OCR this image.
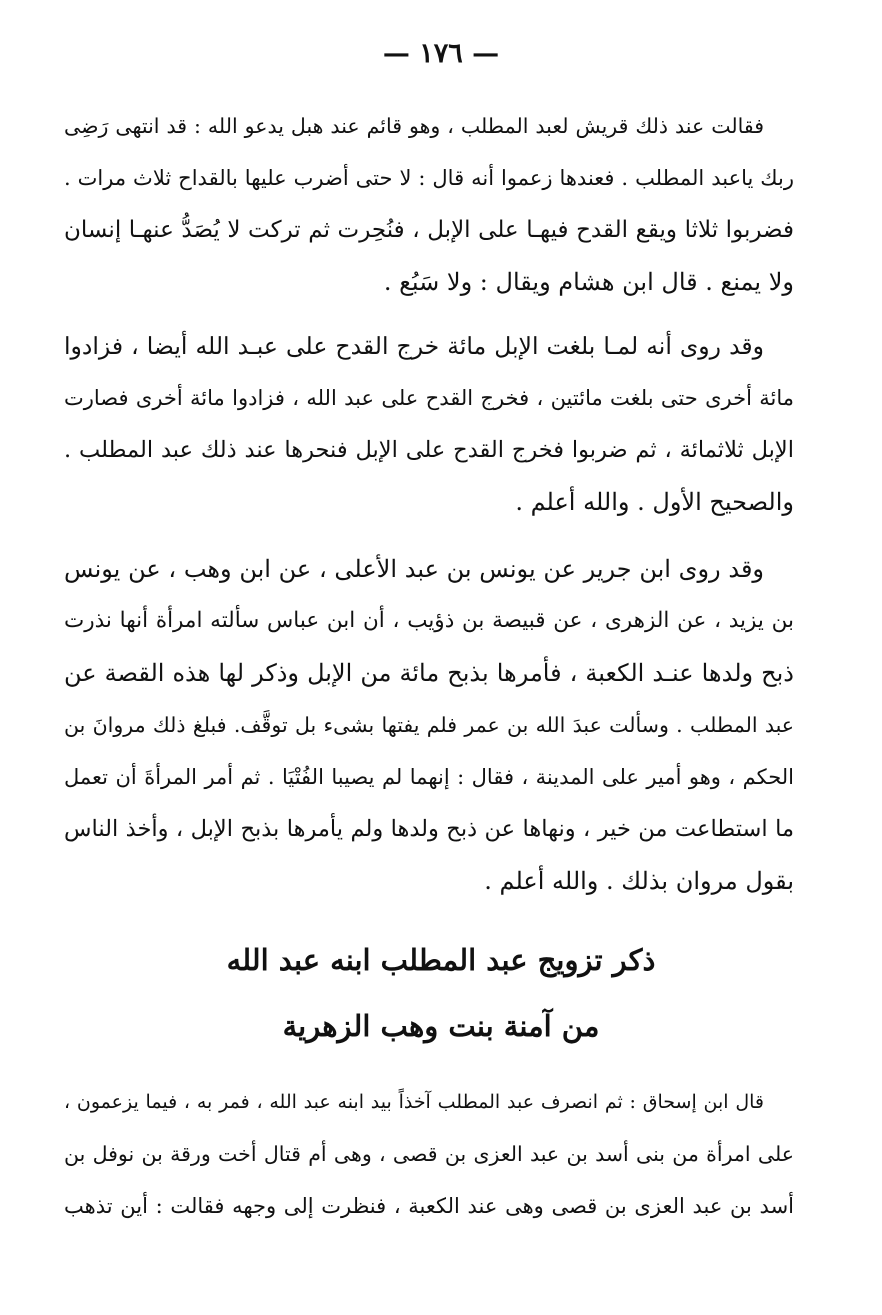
— ١٧٦ —
فقالت عند ذلك قريش لعبد المطلب ، وهو قائم عند هبل يدعو الله : قد انتهى رَضِى
ربك ياعبد المطلب . فعندها زعموا أنه قال : لا حتى أضرب عليها بالقداح ثلاث مرات .
فضربوا ثلاثا ويقع القدح فيهـا على الإبل ، فنُحِرت ثم تركت لا يُصَدُّ عنهـا إنسان
ولا يمنع . قال ابن هشام ويقال : ولا سَبُع .
وقد روى أنه لمـا بلغت الإبل مائة خرج القدح على عبـد الله أيضا ، فزادوا
مائة أخرى حتى بلغت مائتين ، فخرج القدح على عبد الله ، فزادوا مائة أخرى فصارت
الإبل ثلاثمائة ، ثم ضربوا فخرج القدح على الإبل فنحرها عند ذلك عبد المطلب .
والصحيح الأول . والله أعلم .
وقد روى ابن جرير عن يونس بن عبد الأعلى ، عن ابن وهب ، عن يونس
بن يزيد ، عن الزهرى ، عن قبيصة بن ذؤيب ، أن ابن عباس سألته امرأة أنها نذرت
ذبح ولدها عنـد الكعبة ، فأمرها بذبح مائة من الإبل وذكر لها هذه القصة عن
عبد المطلب . وسألت عبدَ الله بن عمر فلم يفتها بشىء بل توقَّف. فبلغ ذلك مروانَ بن
الحكم ، وهو أمير على المدينة ، فقال : إنهما لم يصيبا الفُتْيَا . ثم أمر المرأةَ أن تعمل
ما استطاعت من خير ، ونهاها عن ذبح ولدها ولم يأمرها بذبح الإبل ، وأخذ الناس
بقول مروان بذلك . والله أعلم .
ذكر تزويج عبد المطلب ابنه عبد الله
من آمنة بنت وهب الزهرية
قال ابن إسحاق : ثم انصرف عبد المطلب آخذاً بيد ابنه عبد الله ، فمر به ، فيما يزعمون ،
على امرأة من بنى أسد بن عبد العزى بن قصى ، وهى أم قتال أخت ورقة بن نوفل بن
أسد بن عبد العزى بن قصى وهى عند الكعبة ، فنظرت إلى وجهه فقالت : أين تذهب
